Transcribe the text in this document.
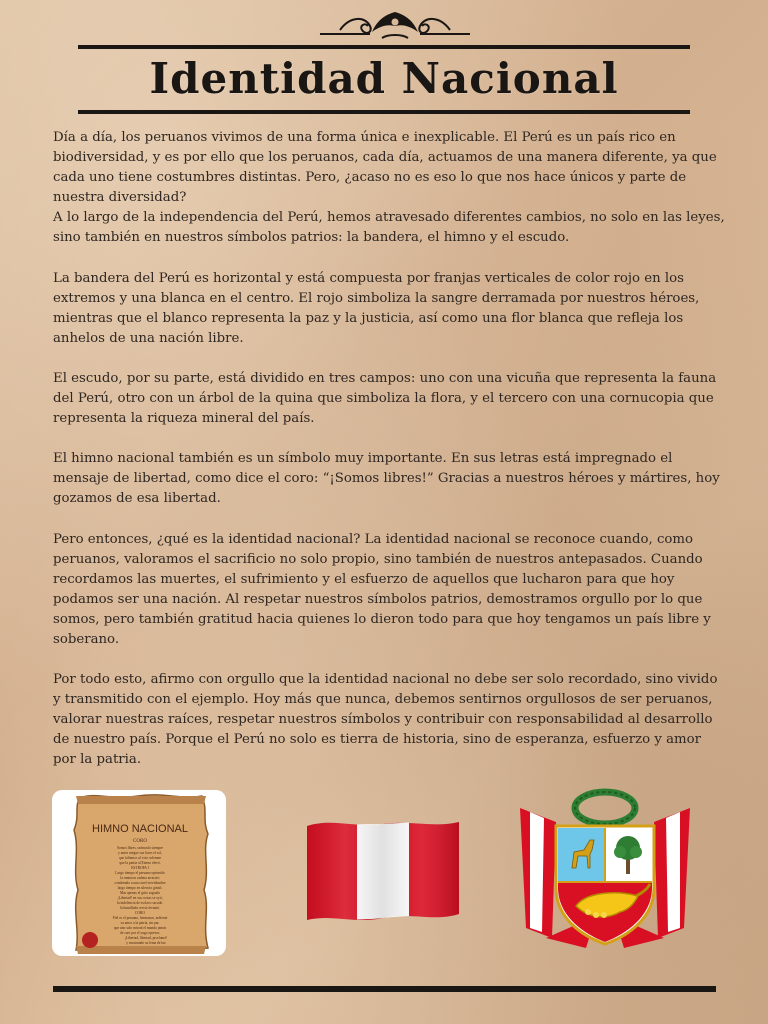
Identidad Nacional

Día a día, los peruanos vivimos de una forma única e inexplicable. El Perú es un país rico en biodiversidad, y es por ello que los peruanos, cada día, actuamos de una manera diferente, ya que cada uno tiene costumbres distintas. Pero, ¿acaso no es eso lo que nos hace únicos y parte de nuestra diversidad?

A lo largo de la independencia del Perú, hemos atravesado diferentes cambios, no solo en las leyes, sino también en nuestros símbolos patrios: la bandera, el himno y el escudo.

La bandera del Perú es horizontal y está compuesta por franjas verticales de color rojo en los extremos y una blanca en el centro. El rojo simboliza la sangre derramada por nuestros héroes, mientras que el blanco representa la paz y la justicia, así como una flor blanca que refleja los anhelos de una nación libre.

El escudo, por su parte, está dividido en tres campos: uno con una vicuña que representa la fauna del Perú, otro con un árbol de la quina que simboliza la flora, y el tercero con una cornucopia que representa la riqueza mineral del país.

El himno nacional también es un símbolo muy importante. En sus letras está impregnado el mensaje de libertad, como dice el coro: “¡Somos libres!” Gracias a nuestros héroes y mártires, hoy gozamos de esa libertad.

Pero entonces, ¿qué es la identidad nacional? La identidad nacional se reconoce cuando, como peruanos, valoramos el sacrificio no solo propio, sino también de nuestros antepasados. Cuando recordamos las muertes, el sufrimiento y el esfuerzo de aquellos que lucharon para que hoy podamos ser una nación. Al respetar nuestros símbolos patrios, demostramos orgullo por lo que somos, pero también gratitud hacia quienes lo dieron todo para que hoy tengamos un país libre y soberano.

Por todo esto, afirmo con orgullo que la identidad nacional no debe ser solo recordado, sino vivido y transmitido con el ejemplo. Hoy más que nunca, debemos sentirnos orgullosos de ser peruanos, valorar nuestras raíces, respetar nuestros símbolos y contribuir con responsabilidad al desarrollo de nuestro país. Porque el Perú no solo es tierra de historia, sino de esperanza, esfuerzo y amor por la patria.

HIMNO NACIONAL
CORO
Somos libres, seámoslo siempre
y antes niegue sus luces el sol,
que faltemos al voto solemne
que la patria al Eterno elevó.
ESTROFA I
Largo tiempo el peruano oprimido
la ominosa cadena arrastró;
condenado a una cruel servidumbre
largo tiempo en silencio gimió.
Mas apenas el grito sagrado
¡Libertad! en sus costas se oyó,
la indolencia de esclavo sacude,
la humillada cerviz levantó.
CORO
Fiel es el peruano, hermanos, ardiente
su amor a la patria, sin par.
que uno solo mirará el mundo jamás
de caer por el yugo opresor.
¡Libertad, libertad, proclamó!
y mostrando su lema de luz
